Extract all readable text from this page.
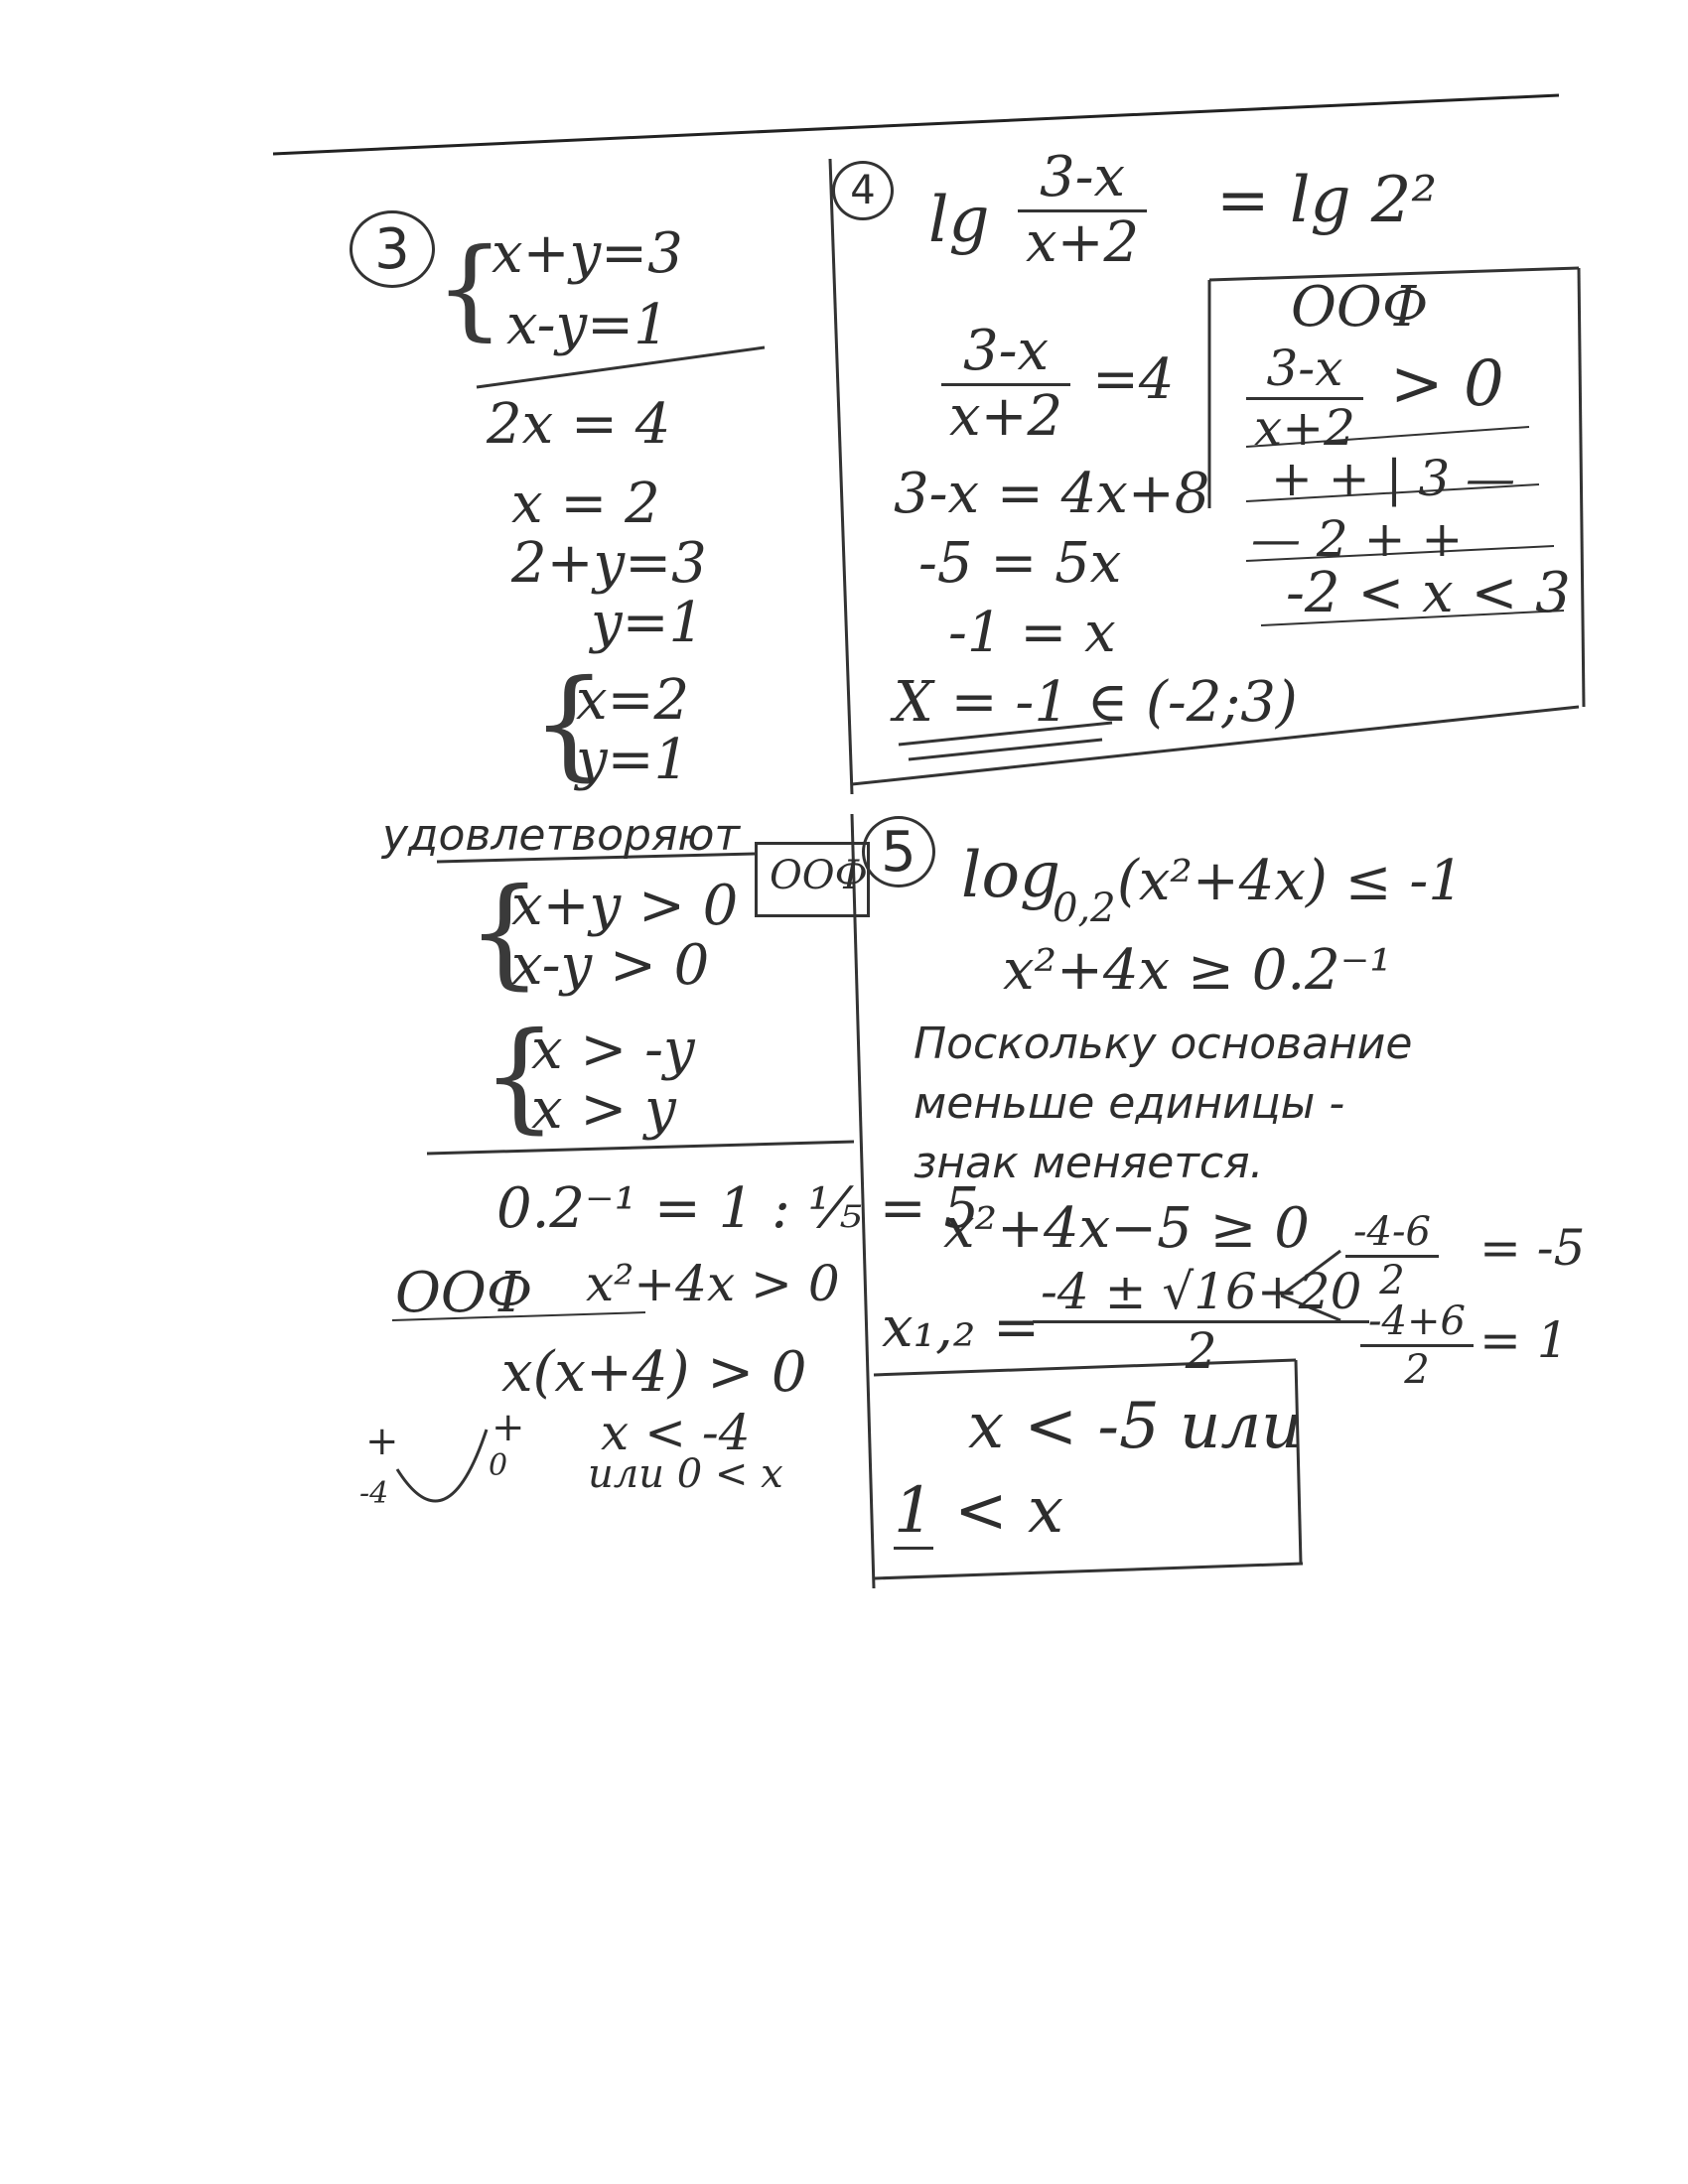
3 {
x+y=3
x-y=1
2x = 4
x = 2
2+y=3
y=1
{
x=2
y=1
удовлетворяют
ООФ
{
x+y > 0
x-y > 0
{
x > -y
x > y
0.2⁻¹ = 1 : ⅕ = 5
ООФ x²+4x > 0
x(x+4) > 0
+
-4
+
0
x < -4
или 0 < x
4 lg
3-x
x+2
= lg 2²
3-x
x+2
=4
3-x = 4x+8
-5 = 5x
-1 = x
X = -1 ∈ (-2;3)
ООФ
3-x
x+2
> 0
+ + | 3 —
— 2 + +
-2 < x < 3
5 log
0,2 (x²+4x) ≤ -1
x²+4x ≥ 0.2⁻¹
Поскольку основание
меньше единицы -
знак меняется.
x²+4x−5 ≥ 0
x₁,₂ =
-4 ± √16+20
2
-4-6
2
= -5
-4+6
2
= 1
x < -5 или
1 < x
